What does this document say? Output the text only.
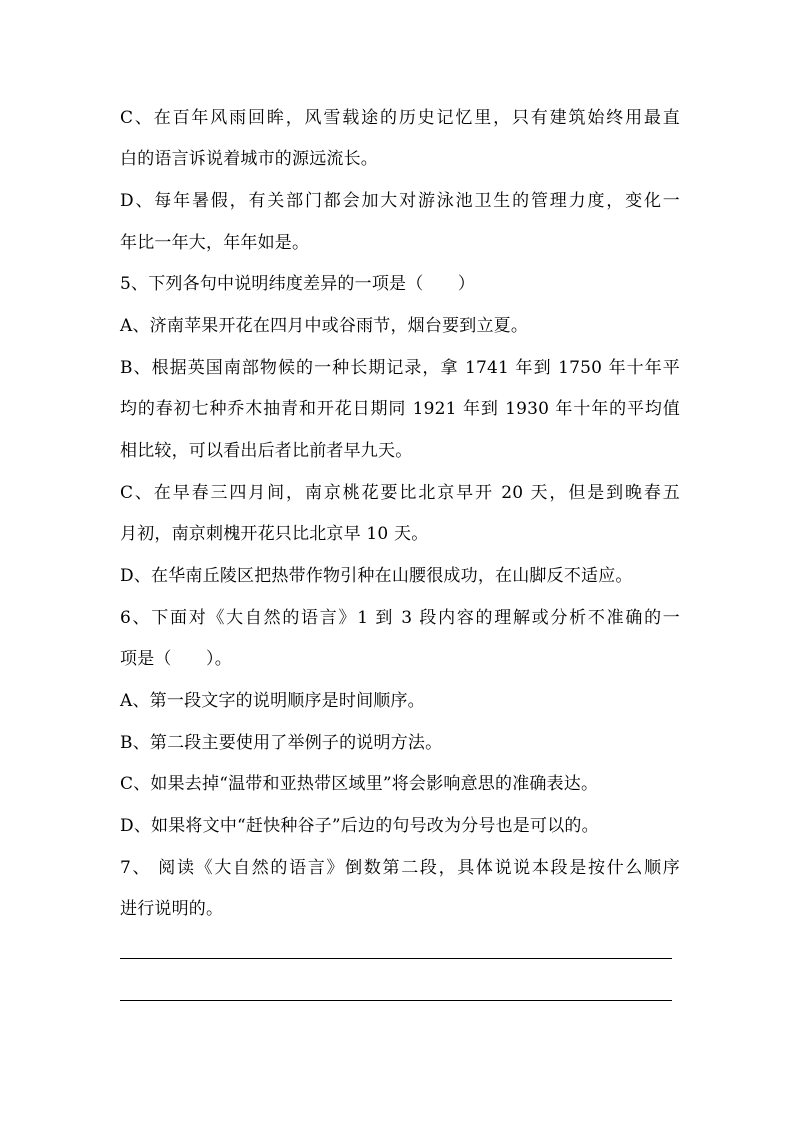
C、在百年风雨回眸，风雪载途的历史记忆里，只有建筑始终用最直
白的语言诉说着城市的源远流长。
D、每年暑假，有关部门都会加大对游泳池卫生的管理力度，变化一
年比一年大，年年如是。
5、下列各句中说明纬度差异的一项是（　　）
A、济南苹果开花在四月中或谷雨节，烟台要到立夏。
B、根据英国南部物候的一种长期记录，拿 1741 年到 1750 年十年平
均的春初七种乔木抽青和开花日期同 1921 年到 1930 年十年的平均值
相比较，可以看出后者比前者早九天。
C、在早春三四月间，南京桃花要比北京早开 20 天，但是到晚春五
月初，南京刺槐开花只比北京早 10 天。
D、在华南丘陵区把热带作物引种在山腰很成功，在山脚反不适应。
6、下面对《大自然的语言》1 到 3 段内容的理解或分析不准确的一
项是（　　）。
A、第一段文字的说明顺序是时间顺序。
B、第二段主要使用了举例子的说明方法。
C、如果去掉“温带和亚热带区域里”将会影响意思的准确表达。
D、如果将文中“赶快种谷子”后边的句号改为分号也是可以的。
7、 阅读《大自然的语言》倒数第二段，具体说说本段是按什么顺序
进行说明的。
